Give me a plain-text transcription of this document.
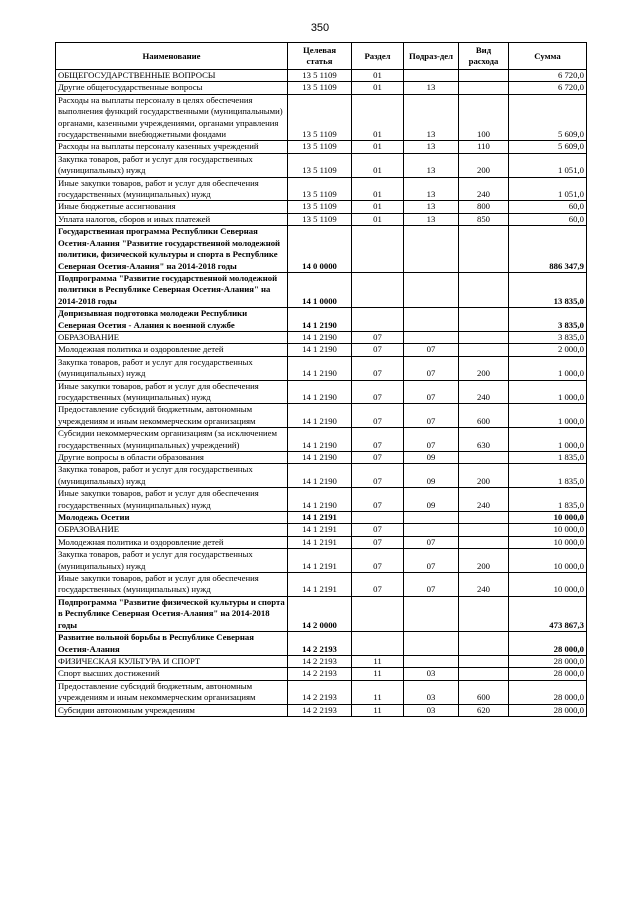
350
Наименование	Целевая статья	Раздел	Подраз-дел	Вид расхода	Сумма
ОБЩЕГОСУДАРСТВЕННЫЕ ВОПРОСЫ	13 5 1109	01			6 720,0
Другие общегосударственные вопросы	13 5 1109	01	13		6 720,0
Расходы на выплаты персоналу в целях обеспечения выполнения функций государственными (муниципальными) органами, казенными учреждениями, органами управления государственными внебюджетными фондами	13 5 1109	01	13	100	5 609,0
Расходы на выплаты персоналу казенных учреждений	13 5 1109	01	13	110	5 609,0
Закупка товаров, работ и услуг для государственных (муниципальных) нужд	13 5 1109	01	13	200	1 051,0
Иные закупки товаров, работ и услуг для обеспечения государственных (муниципальных) нужд	13 5 1109	01	13	240	1 051,0
Иные бюджетные ассигнования	13 5 1109	01	13	800	60,0
Уплата налогов, сборов и иных платежей	13 5 1109	01	13	850	60,0
Государственная программа Республики Северная Осетия-Алания "Развитие государственной молодежной политики, физической культуры и спорта в Республике Северная Осетия-Алания" на 2014-2018 годы	14 0 0000				886 347,9
Подпрограмма "Развитие государственной молодежной политики в Республике Северная Осетия-Алания" на 2014-2018 годы	14 1 0000				13 835,0
Допризывная подготовка молодежи Республики Северная Осетия - Алания к военной службе	14 1 2190				3 835,0
ОБРАЗОВАНИЕ	14 1 2190	07			3 835,0
Молодежная политика и оздоровление детей	14 1 2190	07	07		2 000,0
Закупка товаров, работ и услуг для государственных (муниципальных) нужд	14 1 2190	07	07	200	1 000,0
Иные закупки товаров, работ и услуг для обеспечения государственных (муниципальных) нужд	14 1 2190	07	07	240	1 000,0
Предоставление субсидий бюджетным, автономным учреждениям и иным некоммерческим организациям	14 1 2190	07	07	600	1 000,0
Субсидии некоммерческим организациям (за исключением государственных (муниципальных) учреждений)	14 1 2190	07	07	630	1 000,0
Другие вопросы в области образования	14 1 2190	07	09		1 835,0
Закупка товаров, работ и услуг для государственных (муниципальных) нужд	14 1 2190	07	09	200	1 835,0
Иные закупки товаров, работ и услуг для обеспечения государственных (муниципальных) нужд	14 1 2190	07	09	240	1 835,0
Молодежь Осетии	14 1 2191				10 000,0
ОБРАЗОВАНИЕ	14 1 2191	07			10 000,0
Молодежная политика и оздоровление детей	14 1 2191	07	07		10 000,0
Закупка товаров, работ и услуг для государственных (муниципальных) нужд	14 1 2191	07	07	200	10 000,0
Иные закупки товаров, работ и услуг для обеспечения государственных (муниципальных) нужд	14 1 2191	07	07	240	10 000,0
Подпрограмма "Развитие физической культуры и спорта в Республике Северная Осетия-Алания" на 2014-2018 годы	14 2 0000				473 867,3
Развитие вольной борьбы в Республике Северная Осетия-Алания	14 2 2193				28 000,0
ФИЗИЧЕСКАЯ КУЛЬТУРА И СПОРТ	14 2 2193	11			28 000,0
Спорт высших достижений	14 2 2193	11	03		28 000,0
Предоставление субсидий бюджетным, автономным учреждениям и иным некоммерческим организациям	14 2 2193	11	03	600	28 000,0
Субсидии автономным учреждениям	14 2 2193	11	03	620	28 000,0
